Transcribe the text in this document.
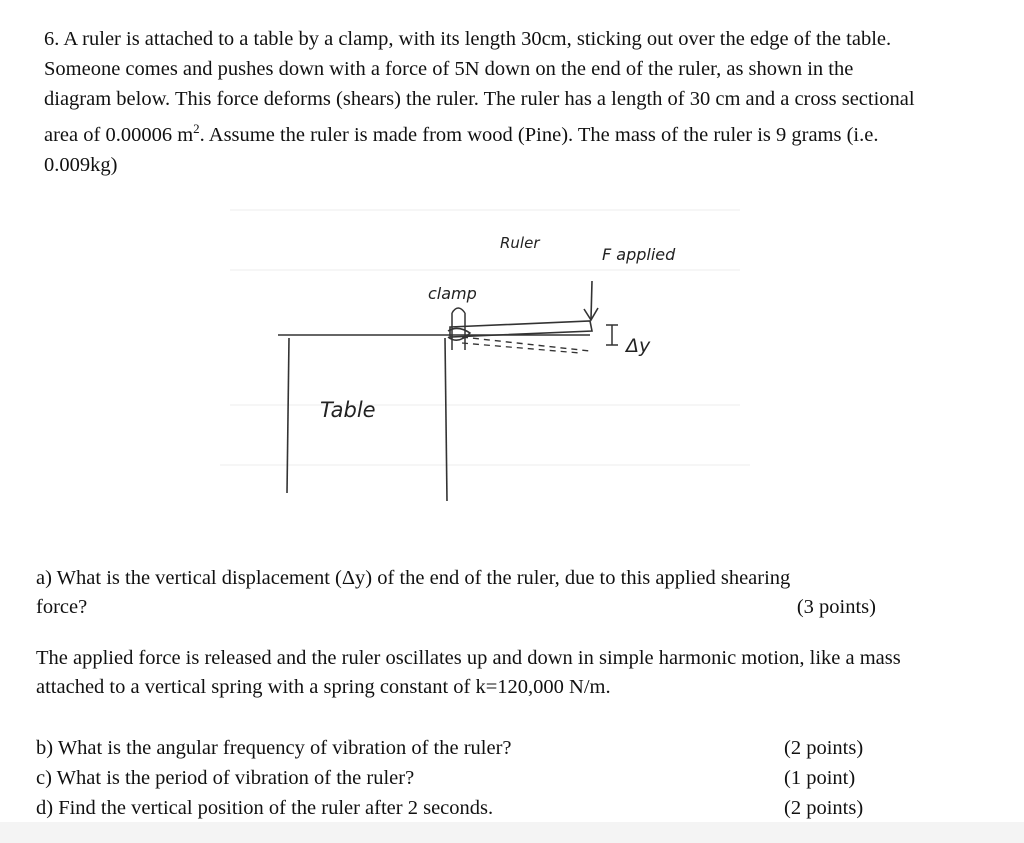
6. A ruler is attached to a table by a clamp, with its length 30cm, sticking out over the edge of the table. Someone comes and pushes down with a force of 5N down on the end of the ruler, as shown in the diagram below. This force deforms (shears) the ruler. The ruler has a length of 30 cm and a cross sectional area of 0.00006 $m^2$. Assume the ruler is made from wood (Pine). The mass of the ruler is 9 grams (i.e. 0.009kg)

Ruler
F applied
clamp
Δy
Table
a) What is the vertical displacement (Δy) of the end of the ruler, due to this applied shearing
force?	(3 points)

The applied force is released and the ruler oscillates up and down in simple harmonic motion, like a mass attached to a vertical spring with a spring constant of k=120,000 N/m.

b) What is the angular frequency of vibration of the ruler?	(2 points)
c) What is the period of vibration of the ruler?	(1 point)
d) Find the vertical position of the ruler after 2 seconds.	(2 points)
